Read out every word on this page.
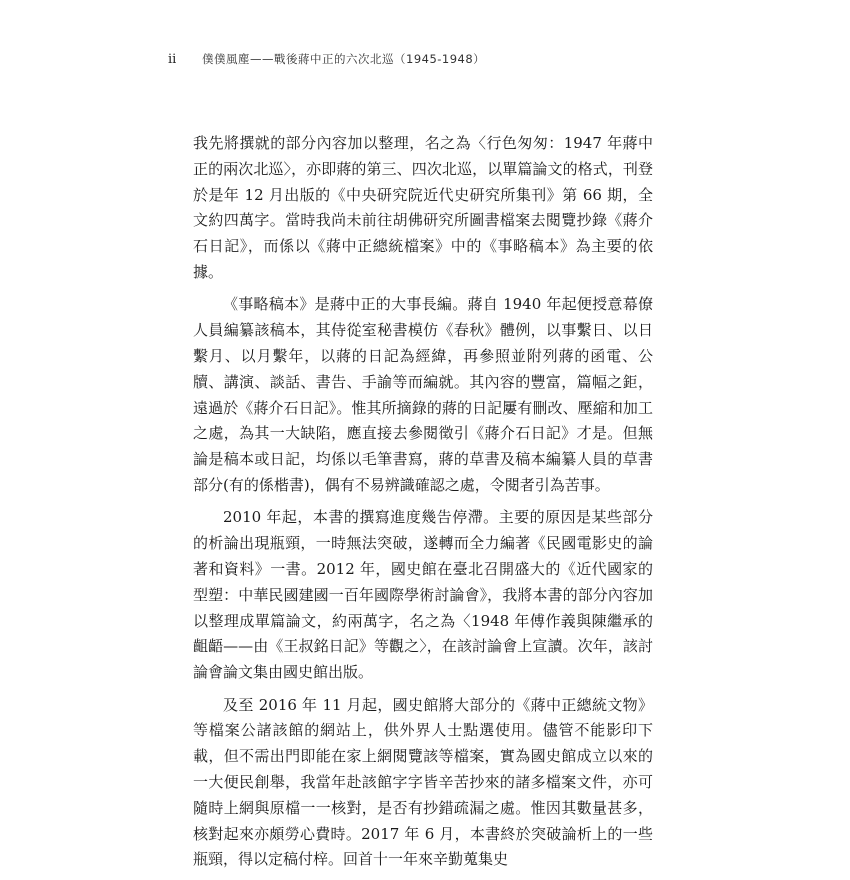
ii	僕僕風塵——戰後蔣中正的六次北巡（1945-1948）

我先將撰就的部分內容加以整理，名之為〈行色匆匆：1947 年蔣中正的兩次北巡〉，亦即蔣的第三、四次北巡，以單篇論文的格式，刊登於是年 12 月出版的《中央研究院近代史研究所集刊》第 66 期，全文約四萬字。當時我尚未前往胡佛研究所圖書檔案去閱覽抄錄《蔣介石日記》，而係以《蔣中正總統檔案》中的《事略稿本》為主要的依據。

《事略稿本》是蔣中正的大事長編。蔣自 1940 年起便授意幕僚人員編纂該稿本，其侍從室秘書模仿《春秋》體例，以事繫日、以日繫月、以月繫年，以蔣的日記為經緯，再參照並附列蔣的函電、公牘、講演、談話、書告、手諭等而編就。其內容的豐富，篇幅之鉅，遠過於《蔣介石日記》。惟其所摘錄的蔣的日記屢有刪改、壓縮和加工之處，為其一大缺陷，應直接去參閱徵引《蔣介石日記》才是。但無論是稿本或日記，均係以毛筆書寫，蔣的草書及稿本編纂人員的草書部分(有的係楷書)，偶有不易辨識確認之處，令閱者引為苦事。

2010 年起，本書的撰寫進度幾告停滯。主要的原因是某些部分的析論出現瓶頸，一時無法突破，遂轉而全力編著《民國電影史的論著和資料》一書。2012 年，國史館在臺北召開盛大的《近代國家的型塑：中華民國建國一百年國際學術討論會》，我將本書的部分內容加以整理成單篇論文，約兩萬字，名之為〈1948 年傅作義與陳繼承的齟齬——由《王叔銘日記》等觀之〉，在該討論會上宣讀。次年，該討論會論文集由國史館出版。

及至 2016 年 11 月起，國史館將大部分的《蔣中正總統文物》等檔案公諸該館的網站上，供外界人士點選使用。儘管不能影印下載，但不需出門即能在家上網閱覽該等檔案，實為國史館成立以來的一大便民創舉，我當年赴該館字字皆辛苦抄來的諸多檔案文件，亦可隨時上網與原檔一一核對，是否有抄錯疏漏之處。惟因其數量甚多，核對起來亦頗勞心費時。2017 年 6 月，本書終於突破論析上的一些瓶頸，得以定稿付梓。回首十一年來辛勤蒐集史
